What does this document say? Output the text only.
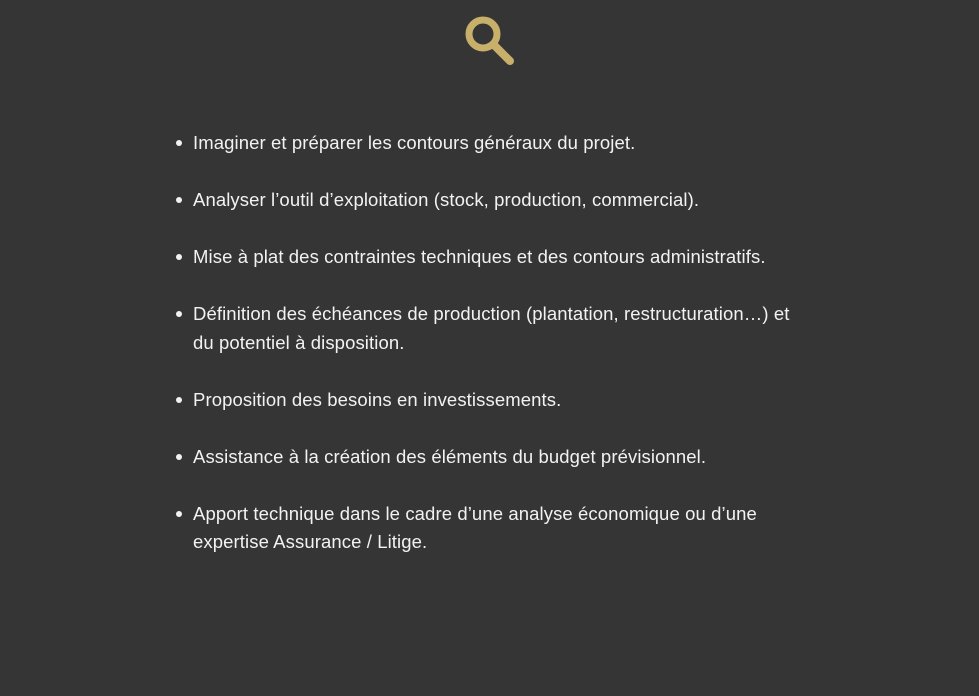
Imaginer et préparer les contours généraux du projet.
Analyser l’outil d’exploitation (stock, production, commercial).
Mise à plat des contraintes techniques et des contours administratifs.
Définition des échéances de production (plantation, restructuration…) et du potentiel à disposition.
Proposition des besoins en investissements.
Assistance à la création des éléments du budget prévisionnel.
Apport technique dans le cadre d’une analyse économique ou d’une expertise Assurance / Litige.
